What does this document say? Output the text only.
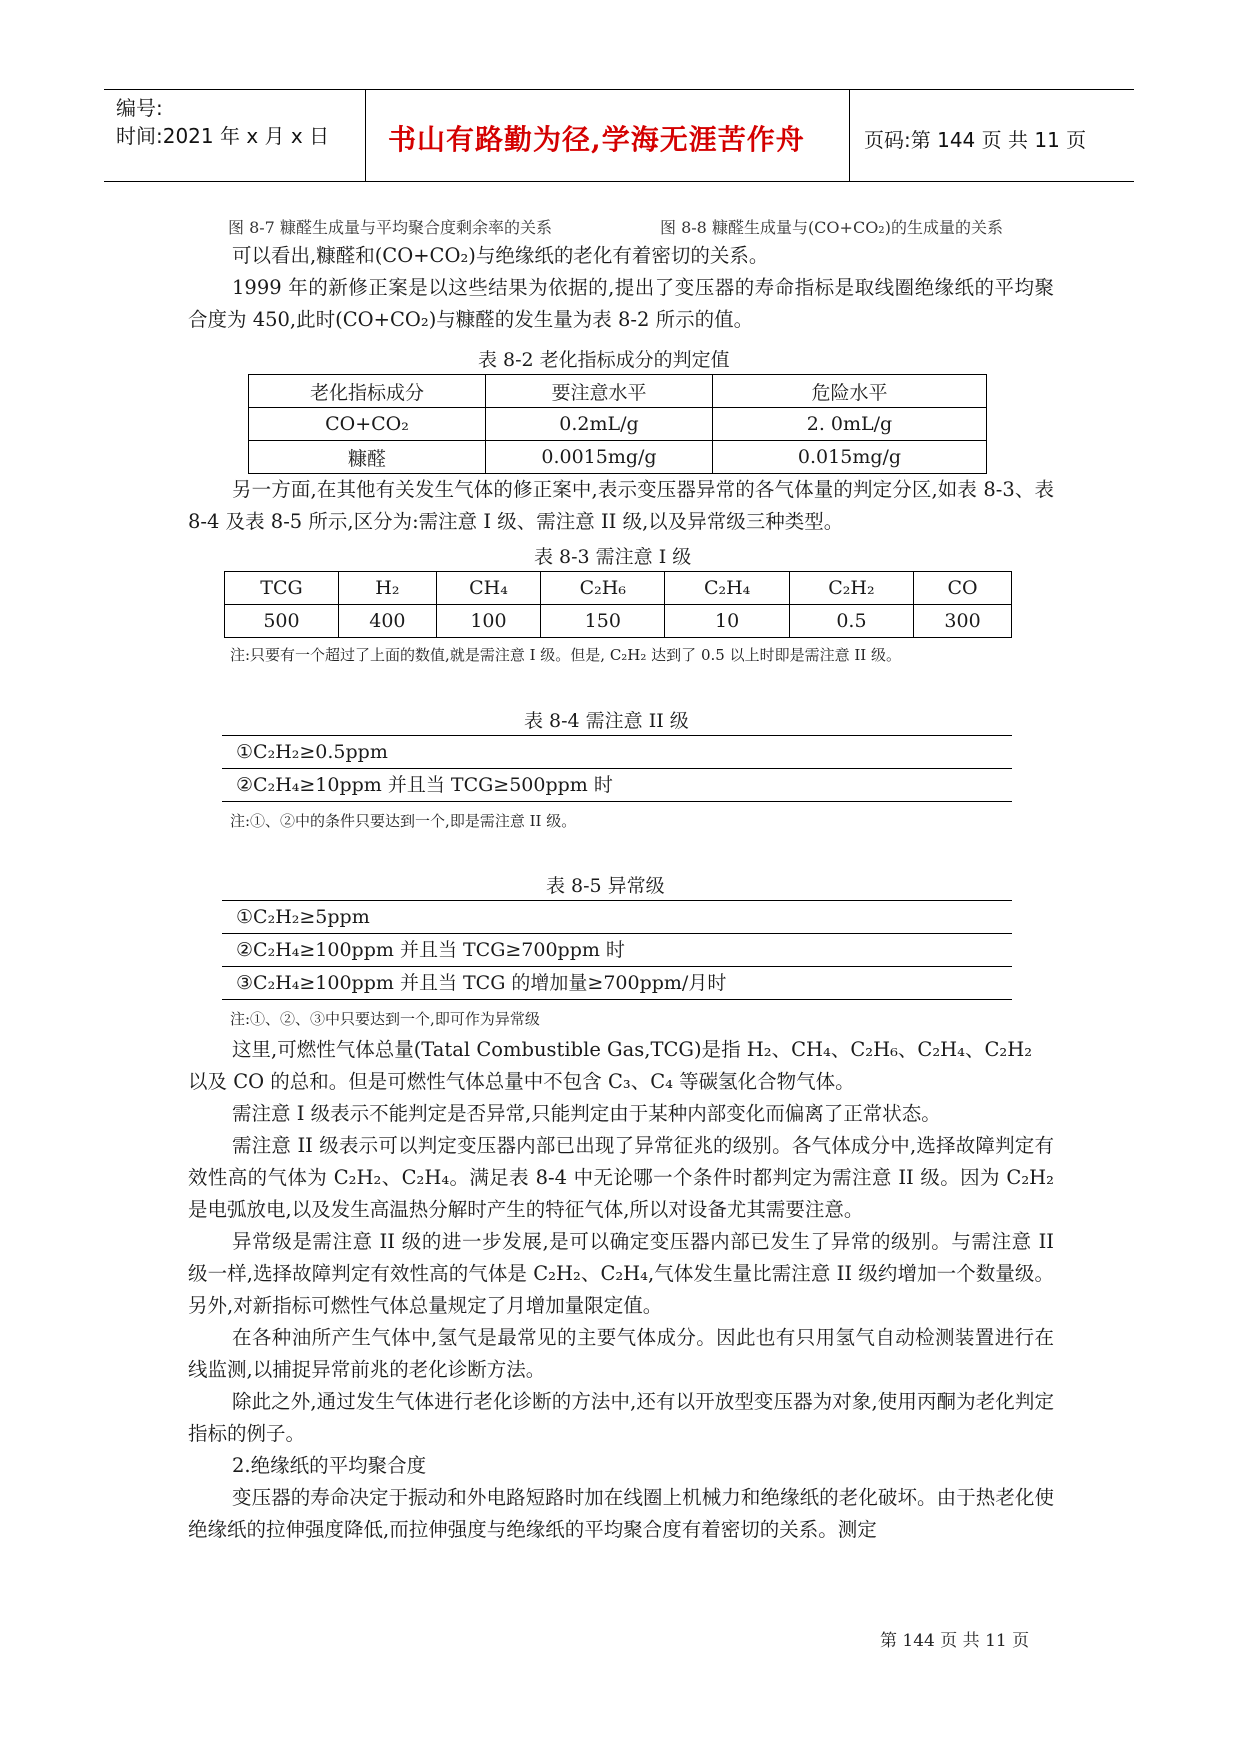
编号:
时间:2021 年 x 月 x 日 书山有路勤为径,学海无涯苦作舟	页码:第 144 页 共 11 页
图 8-7 糠醛生成量与平均聚合度剩余率的关系	图 8-8 糠醛生成量与(CO+CO₂)的生成量的关系

可以看出,糠醛和(CO+CO₂)与绝缘纸的老化有着密切的关系。

1999 年的新修正案是以这些结果为依据的,提出了变压器的寿命指标是取线圈绝缘纸的平均聚合度为 450,此时(CO+CO₂)与糠醛的发生量为表 8-2 所示的值。

表 8-2 老化指标成分的判定值
老化指标成分	要注意水平	危险水平
CO+CO₂	0.2mL/g	2. 0mL/g
糠醛	0.0015mg/g	0.015mg/g

另一方面,在其他有关发生气体的修正案中,表示变压器异常的各气体量的判定分区,如表 8-3、表 8-4 及表 8-5 所示,区分为:需注意 I 级、需注意 II 级,以及异常级三种类型。

表 8-3 需注意 I 级
TCG	H₂	CH₄	C₂H₆	C₂H₄	C₂H₂	CO
500	400	100	150	10	0.5	300
注:只要有一个超过了上面的数值,就是需注意 I 级。但是, C₂H₂ 达到了 0.5 以上时即是需注意 II 级。
表 8-4 需注意 II 级
①C₂H₂≥0.5ppm
②C₂H₄≥10ppm 并且当 TCG≥500ppm 时
注:①、②中的条件只要达到一个,即是需注意 II 级。
表 8-5 异常级
①C₂H₂≥5ppm
②C₂H₄≥100ppm 并且当 TCG≥700ppm 时
③C₂H₄≥100ppm 并且当 TCG 的增加量≥700ppm/月时
注:①、②、③中只要达到一个,即可作为异常级

这里,可燃性气体总量(Tatal Combustible Gas,TCG)是指 H₂、CH₄、C₂H₆、C₂H₄、C₂H₂

以及 CO 的总和。但是可燃性气体总量中不包含 C₃、C₄ 等碳氢化合物气体。

需注意 I 级表示不能判定是否异常,只能判定由于某种内部变化而偏离了正常状态。

需注意 II 级表示可以判定变压器内部已出现了异常征兆的级别。各气体成分中,选择故障判定有效性高的气体为 C₂H₂、C₂H₄。满足表 8-4 中无论哪一个条件时都判定为需注意 II 级。因为 C₂H₂ 是电弧放电,以及发生高温热分解时产生的特征气体,所以对设备尤其需要注意。

异常级是需注意 II 级的进一步发展,是可以确定变压器内部已发生了异常的级别。与需注意 II 级一样,选择故障判定有效性高的气体是 C₂H₂、C₂H₄,气体发生量比需注意 II 级约增加一个数量级。另外,对新指标可燃性气体总量规定了月增加量限定值。

在各种油所产生气体中,氢气是最常见的主要气体成分。因此也有只用氢气自动检测装置进行在线监测,以捕捉异常前兆的老化诊断方法。

除此之外,通过发生气体进行老化诊断的方法中,还有以开放型变压器为对象,使用丙酮为老化判定指标的例子。

2.绝缘纸的平均聚合度

变压器的寿命决定于振动和外电路短路时加在线圈上机械力和绝缘纸的老化破坏。由于热老化使绝缘纸的拉伸强度降低,而拉伸强度与绝缘纸的平均聚合度有着密切的关系。测定

第 144 页 共 11 页
